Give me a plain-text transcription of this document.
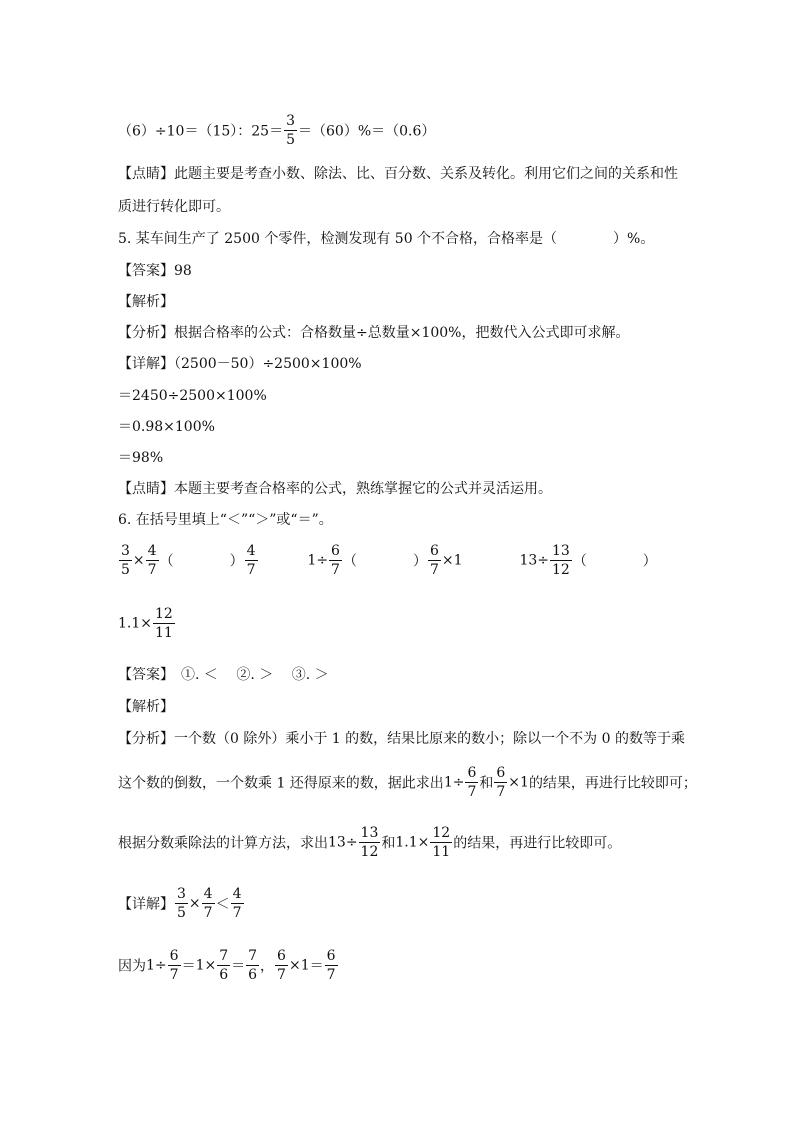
（6）÷10＝（15）：$25= \frac{3}{5} =(60)\%=(0.6)$
【点睛】此题主要是考查小数、除法、比、百分数、关系及转化。利用它们之间的关系和性
质进行转化即可。
5. 某车间生产了 2500 个零件，检测发现有 50 个不合格，合格率是（　　　　）%。
【答案】98
【解析】
【分析】根据合格率的公式：合格数量÷总数量×100%，把数代入公式即可求解。
【详解】（2500－50）÷2500×100%
＝2450÷2500×100%
＝0.98×100%
＝98%
【点睛】本题主要考查合格率的公式，熟练掌握它的公式并灵活运用。
6. 在括号里填上“＜”“＞”或“＝”。
$\frac{3}{5} \times \frac{4}{7}$ （　　　　） $\frac{4}{7}$	$1\div \frac{6}{7}$ （　　　　） $\frac{6}{7} \times 1$	$13\div \frac{13}{12}$ （　　　　）
$1.1\times \frac{12}{11}$
【答案】　①. ＜　 ②. ＞　 ③. ＞
【解析】
【分析】一个数（0 除外）乘小于 1 的数，结果比原来的数小；除以一个不为 0 的数等于乘
这个数的倒数，一个数乘 1 还得原来的数，据此求出$1\div \frac{6}{7}$ 和 $\frac{6}{7} \times 1$的结果，再进行比较即可；
根据分数乘除法的计算方法，求出$13\div \frac{13}{12}$ 和$1.1\times \frac{12}{11}$ 的结果，再进行比较即可。
【详解】 $\frac{3}{5} \times \frac{4}{7} < \frac{4}{7}$
因为$1\div \frac{6}{7} =1\times \frac{7}{6} = \frac{7}{6}$ ， $\frac{6}{7} \times 1= \frac{6}{7}$
